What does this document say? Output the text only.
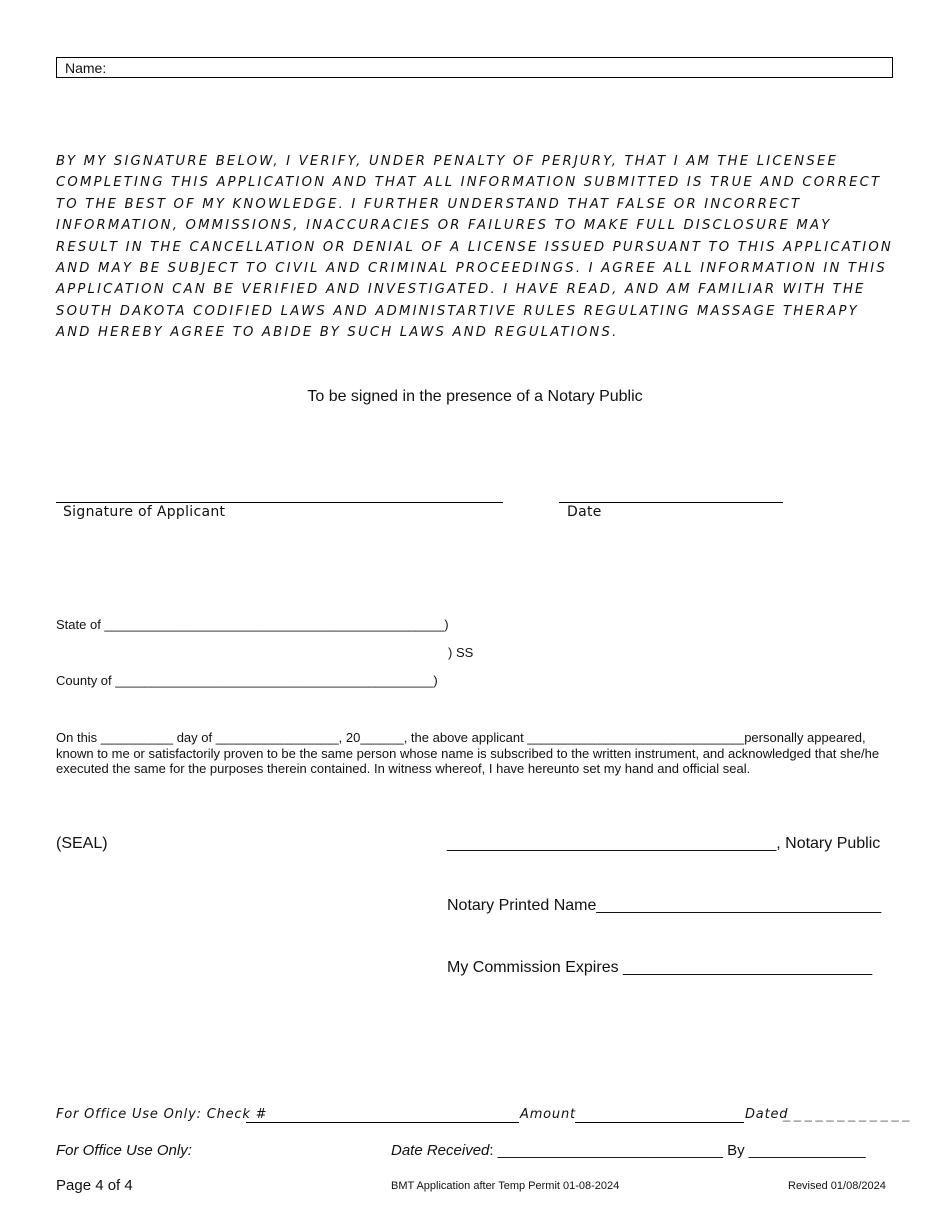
Name:
BY MY SIGNATURE BELOW, I VERIFY, UNDER PENALTY OF PERJURY, THAT I AM THE LICENSEE COMPLETING THIS APPLICATION AND THAT ALL INFORMATION SUBMITTED IS TRUE AND CORRECT TO THE BEST OF MY KNOWLEDGE. I FURTHER UNDERSTAND THAT FALSE OR INCORRECT INFORMATION, OMMISSIONS, INACCURACIES OR FAILURES TO MAKE FULL DISCLOSURE MAY RESULT IN THE CANCELLATION OR DENIAL OF A LICENSE ISSUED PURSUANT TO THIS APPLICATION AND MAY BE SUBJECT TO CIVIL AND CRIMINAL PROCEEDINGS. I AGREE ALL INFORMATION IN THIS APPLICATION CAN BE VERIFIED AND INVESTIGATED. I HAVE READ, AND AM FAMILIAR WITH THE SOUTH DAKOTA CODIFIED LAWS AND ADMINISTARTIVE RULES REGULATING MASSAGE THERAPY AND HEREBY AGREE TO ABIDE BY SUCH LAWS AND REGULATIONS.
To be signed in the presence of a Notary Public
Signature of Applicant	Date
State of _______________________________________________)
) SS
County of ____________________________________________)
On this __________ day of _________________, 20______, the above applicant ______________________________personally appeared, known to me or satisfactorily proven to be the same person whose name is subscribed to the written instrument, and acknowledged that she/he executed the same for the purposes therein contained. In witness whereof, I have hereunto set my hand and official seal.
(SEAL)	_____________________________________, Notary Public
Notary Printed Name________________________________
My Commission Expires ____________________________
For Office Use Only: Check #	Amount	Dated
_ _ _ _ _ _ _ _ _ _ _ _
For Office Use Only:	Date Received: ___________________________ By ______________
Page 4 of 4	BMT Application after Temp Permit 01-08-2024	Revised 01/08/2024
